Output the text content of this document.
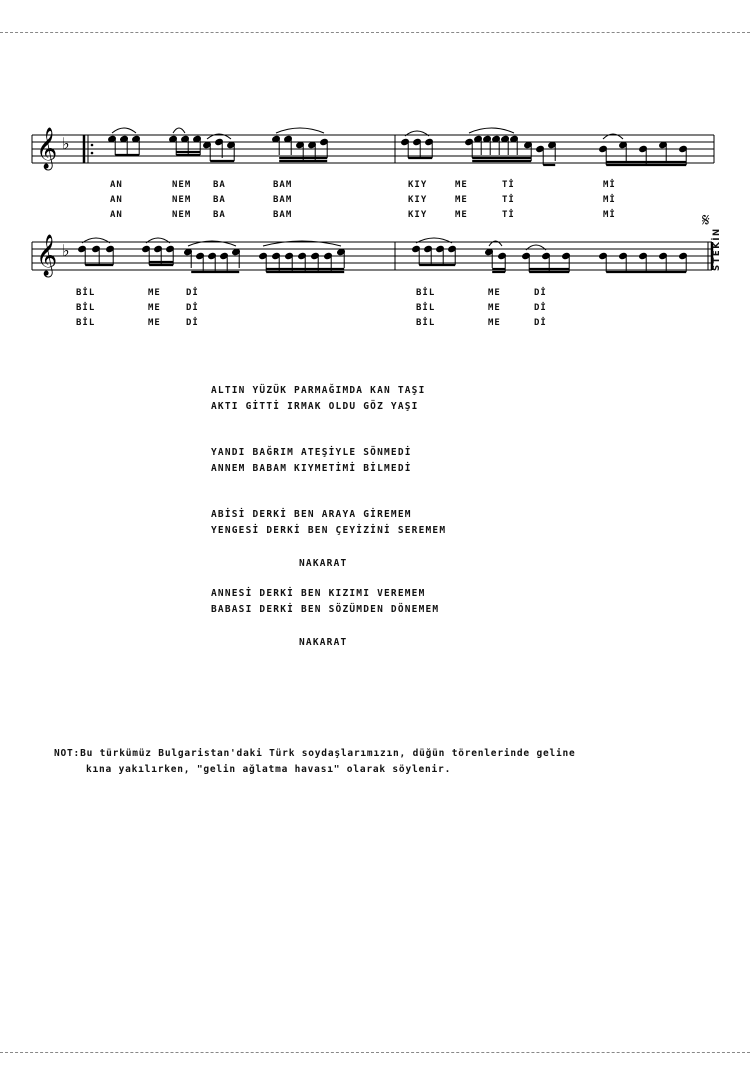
𝄞 ♭
AN	NEM BA	BAM	KIY	ME	Tİ	Mİ
AN	NEM BA	BAM	KIY	ME	Tİ	Mİ
AN	NEM BA	BAM	KIY	ME	Tİ	Mİ
𝄞 ♭
𝄋
STEKİN
BİL	ME	Dİ	BİL	ME	Dİ
BİL	ME	Dİ	BİL	ME	Dİ
BİL	ME	Dİ	BİL	ME	Dİ
ALTIN YÜZÜK PARMAĞIMDA KAN TAŞI
AKTI GİTTİ IRMAK OLDU GÖZ YAŞI
YANDI BAĞRIM ATEŞİYLE SÖNMEDİ
ANNEM BABAM KIYMETİMİ BİLMEDİ
ABİSİ DERKİ BEN ARAYA GİREMEM
YENGESİ DERKİ BEN ÇEYİZİNİ SEREMEM
NAKARAT
ANNESİ DERKİ BEN KIZIMI VEREMEM
BABASI DERKİ BEN SÖZÜMDEN DÖNEMEM
NAKARAT
NOT:Bu türkümüz Bulgaristan'daki Türk soydaşlarımızın, düğün törenlerinde geline
kına yakılırken, "gelin ağlatma havası" olarak söylenir.
